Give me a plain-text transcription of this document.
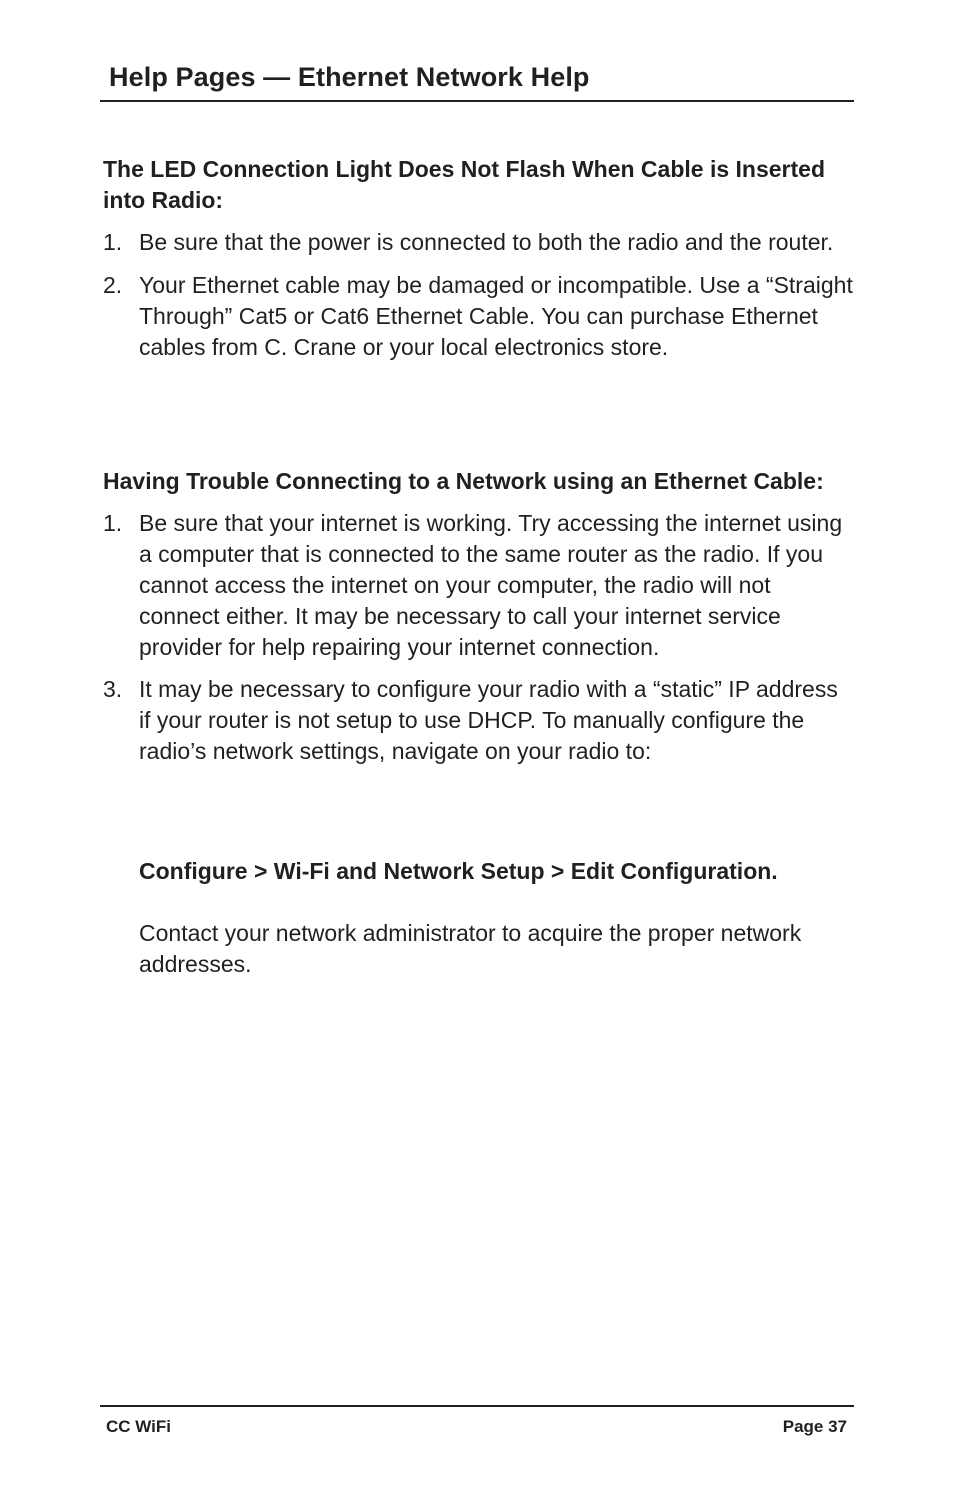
Help Pages — Ethernet Network Help
The LED Connection Light Does Not Flash When Cable is Inserted into Radio:
1. Be sure that the power is connected to both the radio and the router.
2. Your Ethernet cable may be damaged or incompatible. Use a “Straight Through” Cat5 or Cat6 Ethernet Cable. You can purchase Ethernet cables from C. Crane or your local electronics store.
Having Trouble Connecting to a Network using an Ethernet Cable:
1. Be sure that your internet is working. Try accessing the internet using a computer that is connected to the same router as the radio. If you cannot access the internet on your computer, the radio will not connect either. It may be necessary to call your internet service provider for help repairing your internet connection.
3. It may be necessary to configure your radio with a “static” IP address if your router is not setup to use DHCP. To manually configure the radio’s network settings, navigate on your radio to:
Configure > Wi-Fi and Network Setup > Edit Configuration.
Contact your network administrator to acquire the proper network addresses.
CC WiFi	Page 37
